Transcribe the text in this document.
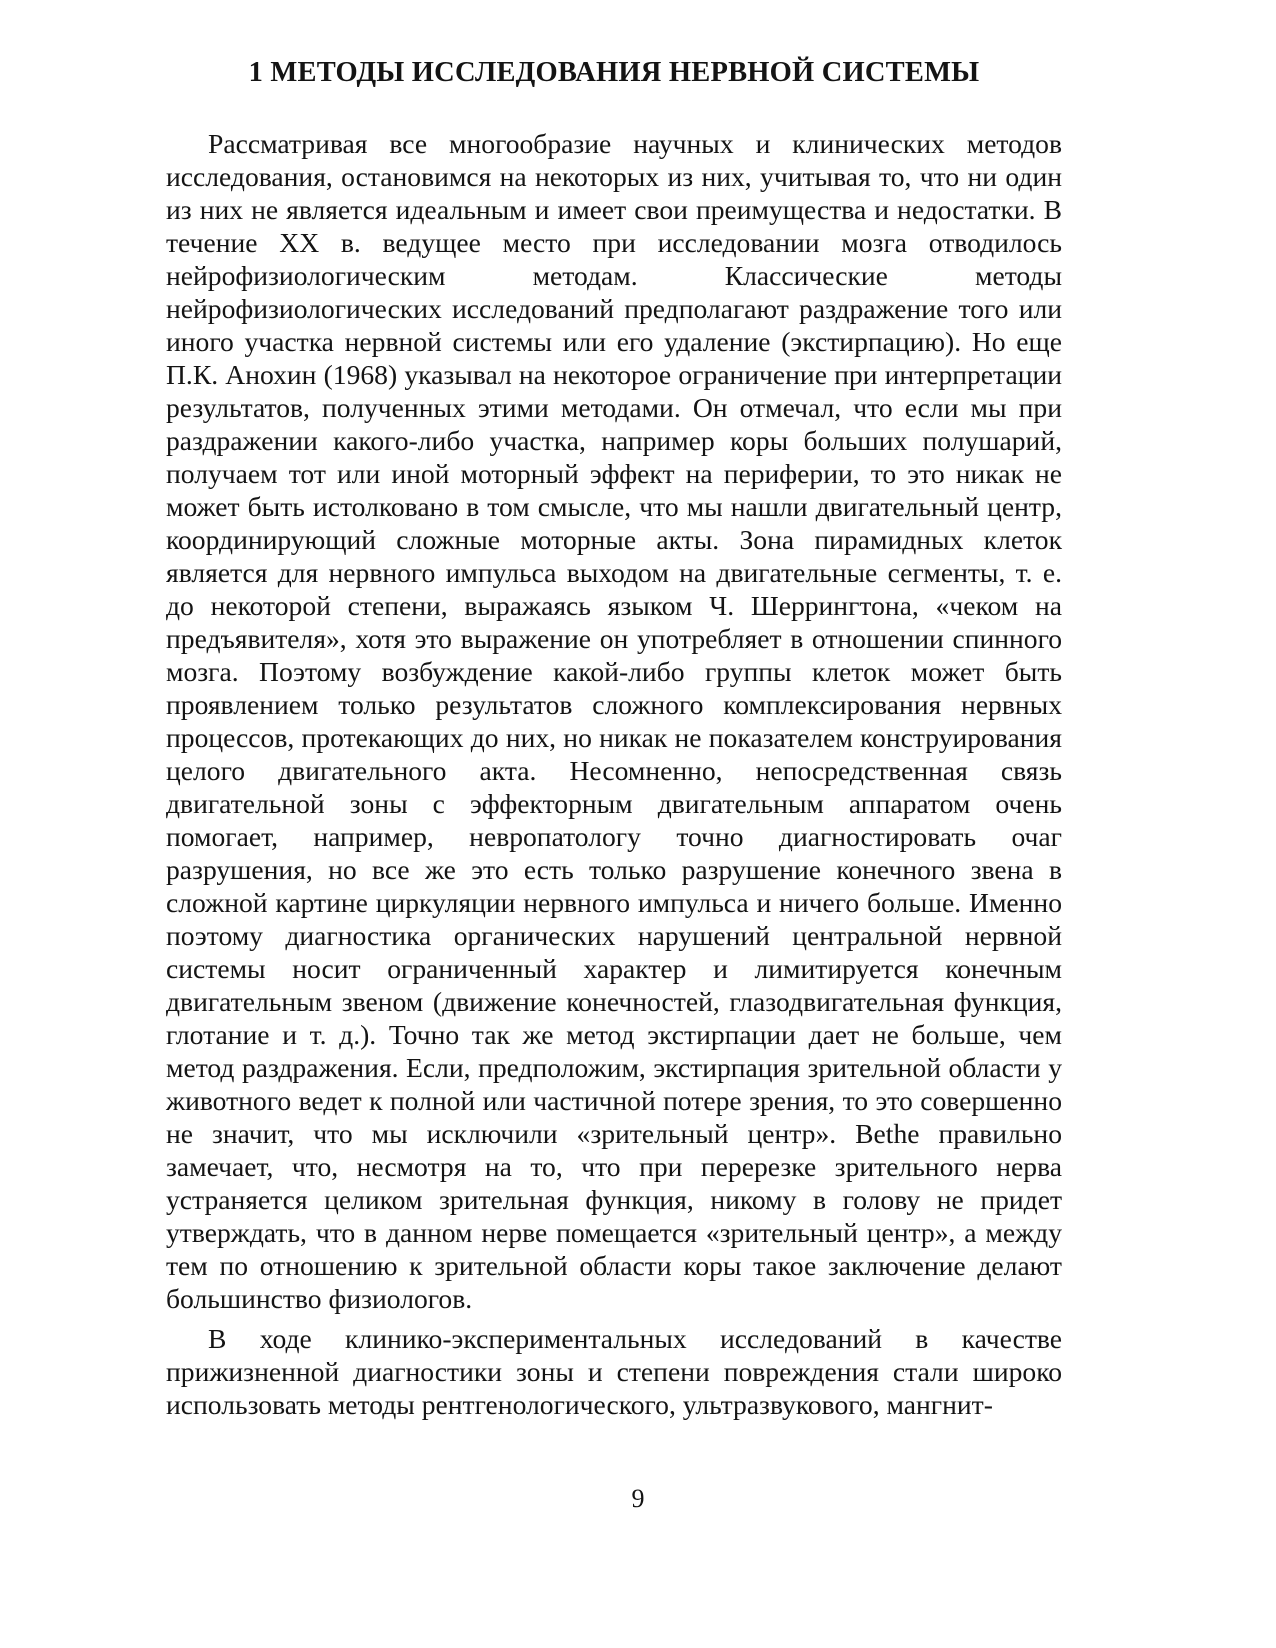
1 МЕТОДЫ ИССЛЕДОВАНИЯ НЕРВНОЙ СИСТЕМЫ

Рассматривая все многообразие научных и клинических методов исследования, остановимся на некоторых из них, учитывая то, что ни один из них не является идеальным и имеет свои преимущества и недостатки. В течение XX в. ведущее место при исследовании мозга отводилось нейрофизиологическим методам. Классические методы нейрофизиологических исследований предполагают раздражение того или иного участка нервной системы или его удаление (экстирпацию). Но еще П.К. Анохин (1968) указывал на некоторое ограничение при интерпретации результатов, полученных этими методами. Он отмечал, что если мы при раздражении какого-либо участка, например коры больших полушарий, получаем тот или иной моторный эффект на периферии, то это никак не может быть истолковано в том смысле, что мы нашли двигательный центр, координирующий сложные моторные акты. Зона пирамидных клеток является для нервного импульса выходом на двигательные сегменты, т. е. до некоторой степени, выражаясь языком Ч. Шеррингтона, «чеком на предъявителя», хотя это выражение он употребляет в отношении спинного мозга. Поэтому возбуждение какой-либо группы клеток может быть проявлением только результатов сложного комплексирования нервных процессов, протекающих до них, но никак не показателем конструирования целого двигательного акта. Несомненно, непосредственная связь двигательной зоны с эффекторным двигательным аппаратом очень помогает, например, невропатологу точно диагностировать очаг разрушения, но все же это есть только разрушение конечного звена в сложной картине циркуляции нервного импульса и ничего больше. Именно поэтому диагностика органических нарушений центральной нервной системы носит ограниченный характер и лимитируется конечным двигательным звеном (движение конечностей, глазодвигательная функция, глотание и т. д.). Точно так же метод экстирпации дает не больше, чем метод раздражения. Если, предположим, экстирпация зрительной области у животного ведет к полной или частичной потере зрения, то это совершенно не значит, что мы исключили «зрительный центр». Bethe правильно замечает, что, несмотря на то, что при перерезке зрительного нерва устраняется целиком зрительная функция, никому в голову не придет утверждать, что в данном нерве помещается «зрительный центр», а между тем по отношению к зрительной области коры такое заключение делают большинство физиологов.

В ходе клинико-экспериментальных исследований в качестве прижизненной диагностики зоны и степени повреждения стали широко использовать методы рентгенологического, ультразвукового, мангнит-

9
